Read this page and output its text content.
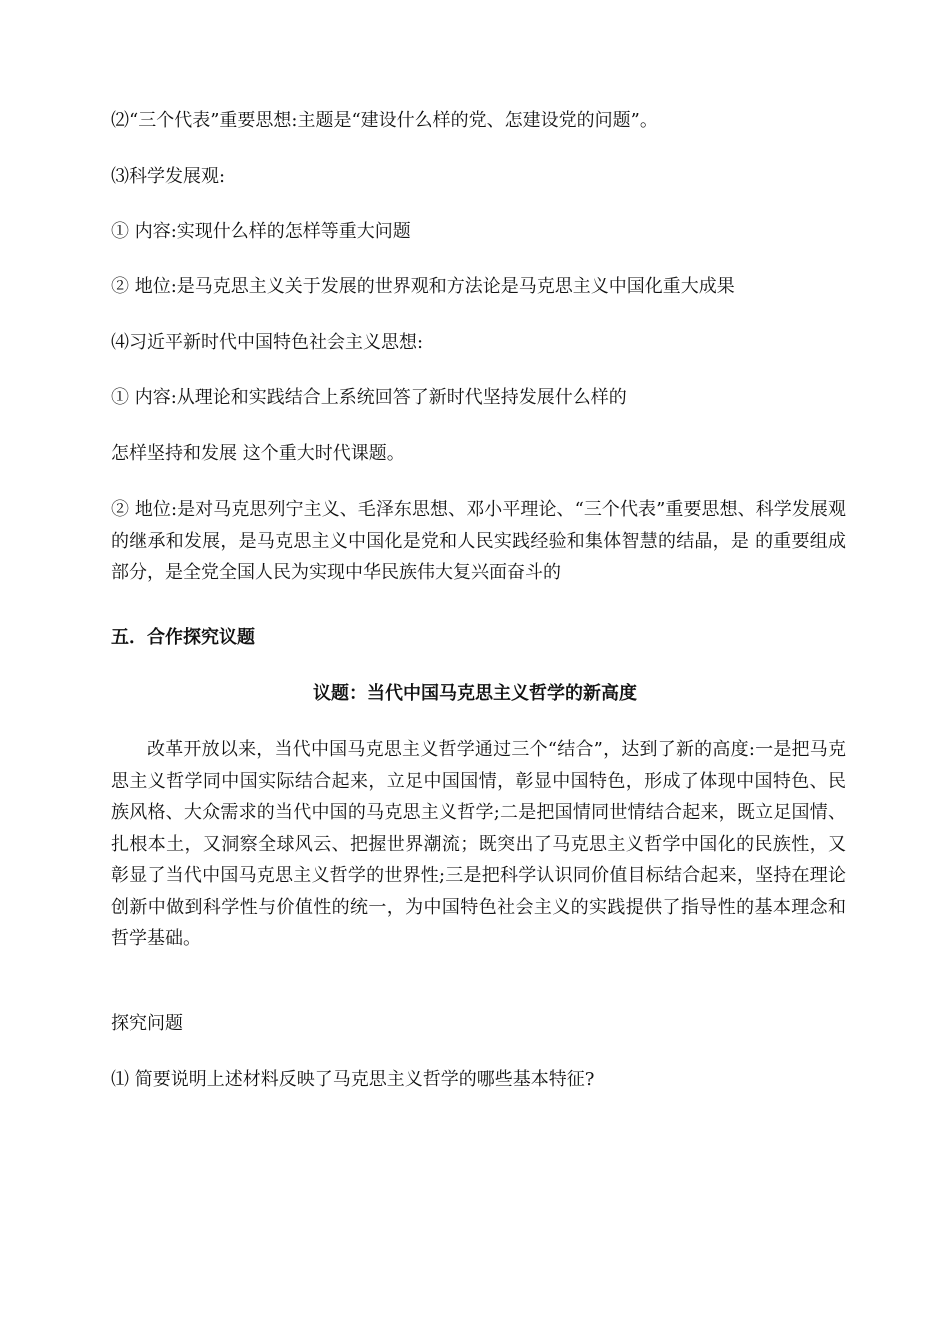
⑵“三个代表”重要思想:主题是“建设什么样的党、怎建设党的问题”。
⑶科学发展观:
① 内容:实现什么样的怎样等重大问题
② 地位:是马克思主义关于发展的世界观和方法论是马克思主义中国化重大成果
⑷习近平新时代中国特色社会主义思想:
① 内容:从理论和实践结合上系统回答了新时代坚持发展什么样的
怎样坚持和发展 这个重大时代课题。
② 地位:是对马克思列宁主义、毛泽东思想、邓小平理论、“三个代表”重要思想、科学发展观的继承和发展，是马克思主义中国化是党和人民实践经验和集体智慧的结晶，是 的重要组成部分，是全党全国人民为实现中华民族伟大复兴面奋斗的
五．合作探究议题
议题：当代中国马克思主义哲学的新高度
改革开放以来，当代中国马克思主义哲学通过三个“结合”，达到了新的高度:一是把马克思主义哲学同中国实际结合起来，立足中国国情，彰显中国特色，形成了体现中国特色、民族风格、大众需求的当代中国的马克思主义哲学;二是把国情同世情结合起来，既立足国情、扎根本土，又洞察全球风云、把握世界潮流；既突出了马克思主义哲学中国化的民族性，又彰显了当代中国马克思主义哲学的世界性;三是把科学认识同价值目标结合起来，坚持在理论创新中做到科学性与价值性的统一，为中国特色社会主义的实践提供了指导性的基本理念和哲学基础。
探究问题
⑴ 简要说明上述材料反映了马克思主义哲学的哪些基本特征?
